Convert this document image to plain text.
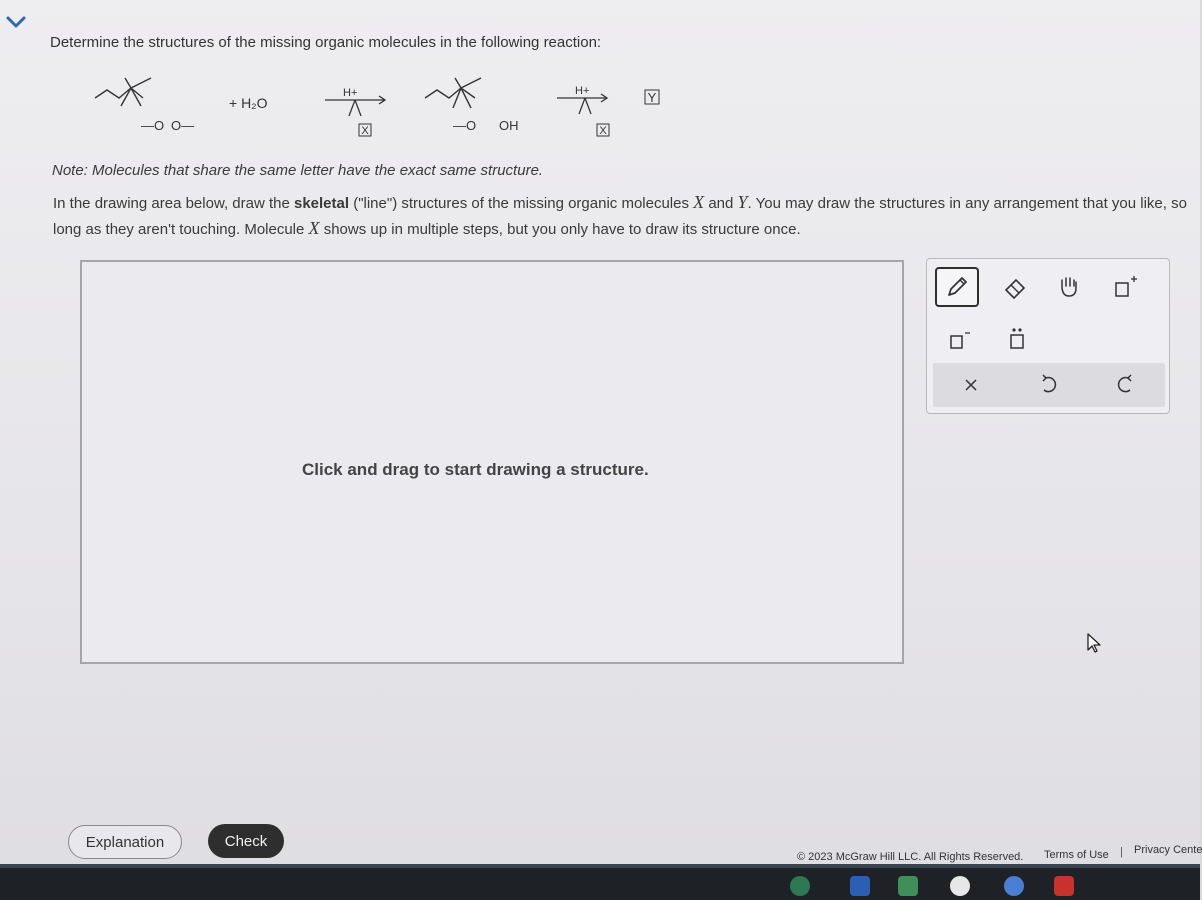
Determine the structures of the missing organic molecules in the following reaction:
—O O—
+ H₂O
H+
X	—O OH
H+
X
Y
Note: Molecules that share the same letter have the exact same structure.
In the drawing area below, draw the skeletal ("line") structures of the missing organic molecules X and Y. You may draw the structures in any arrangement that you like, so long as they aren't touching. Molecule X shows up in multiple steps, but you only have to draw its structure once.
Click and drag to start drawing a structure.
Explanation	Check
© 2023 McGraw Hill LLC. All Rights Reserved. Terms of Use | Privacy Cente
